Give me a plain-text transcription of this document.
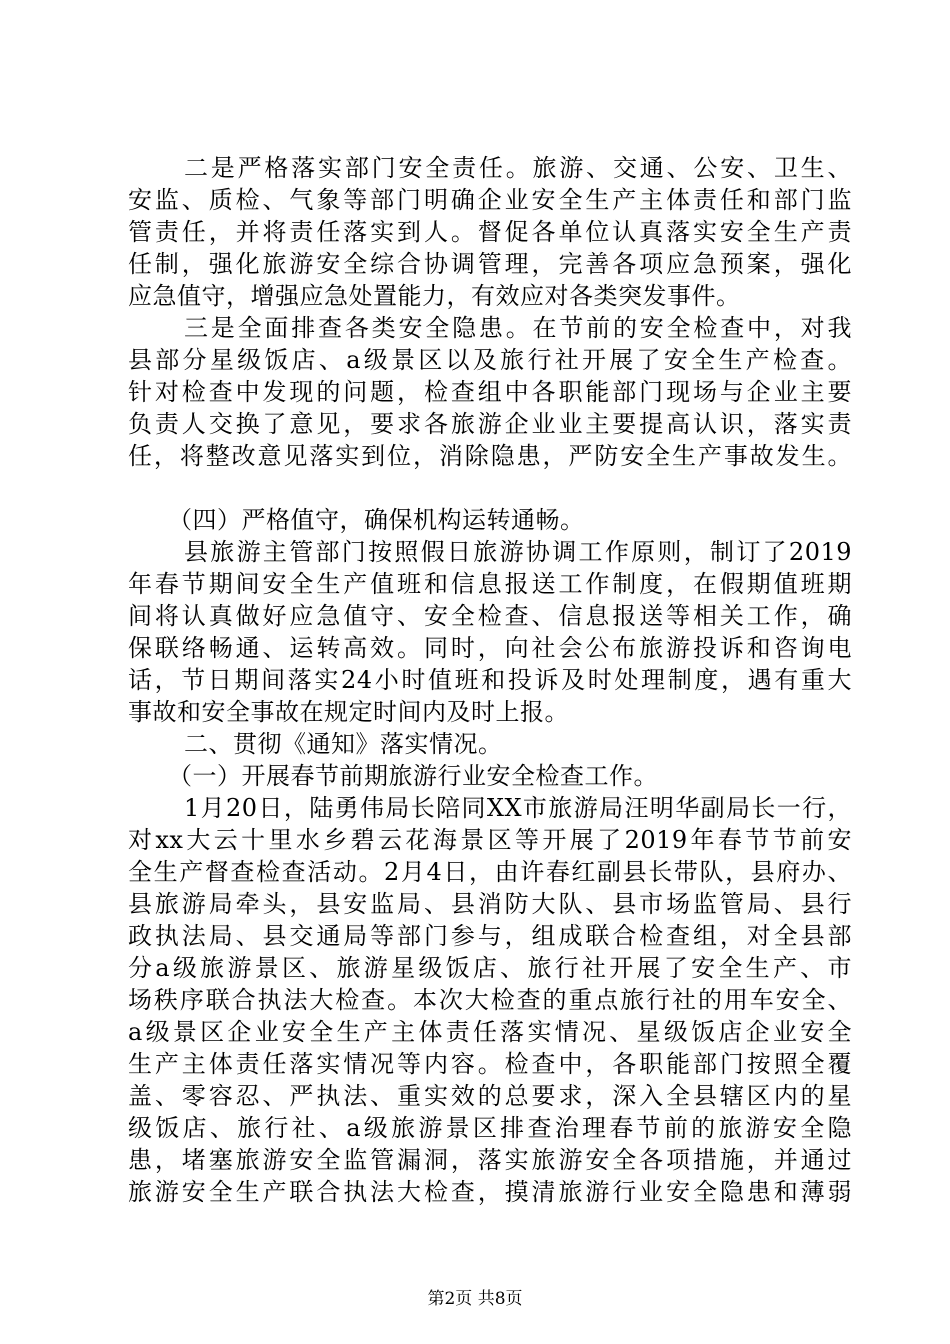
二是严格落实部门安全责任。旅游、交通、公安、卫生、
安监、质检、气象等部门明确企业安全生产主体责任和部门监
管责任，并将责任落实到人。督促各单位认真落实安全生产责
任制，强化旅游安全综合协调管理，完善各项应急预案，强化
应急值守，增强应急处置能力，有效应对各类突发事件。
三是全面排查各类安全隐患。在节前的安全检查中，对我
县部分星级饭店、a级景区以及旅行社开展了安全生产检查。
针对检查中发现的问题，检查组中各职能部门现场与企业主要
负责人交换了意见，要求各旅游企业业主要提高认识，落实责
任，将整改意见落实到位，消除隐患，严防安全生产事故发生。
（四）严格值守，确保机构运转通畅。
县旅游主管部门按照假日旅游协调工作原则，制订了2019
年春节期间安全生产值班和信息报送工作制度，在假期值班期
间将认真做好应急值守、安全检查、信息报送等相关工作，确
保联络畅通、运转高效。同时，向社会公布旅游投诉和咨询电
话，节日期间落实24小时值班和投诉及时处理制度，遇有重大
事故和安全事故在规定时间内及时上报。
二、贯彻《通知》落实情况。
（一）开展春节前期旅游行业安全检查工作。
1月20日，陆勇伟局长陪同XX市旅游局汪明华副局长一行，
对xx大云十里水乡碧云花海景区等开展了2019年春节节前安
全生产督查检查活动。2月4日，由许春红副县长带队，县府办、
县旅游局牵头，县安监局、县消防大队、县市场监管局、县行
政执法局、县交通局等部门参与，组成联合检查组，对全县部
分a级旅游景区、旅游星级饭店、旅行社开展了安全生产、市
场秩序联合执法大检查。本次大检查的重点旅行社的用车安全、
a级景区企业安全生产主体责任落实情况、星级饭店企业安全
生产主体责任落实情况等内容。检查中，各职能部门按照全覆
盖、零容忍、严执法、重实效的总要求，深入全县辖区内的星
级饭店、旅行社、a级旅游景区排查治理春节前的旅游安全隐
患，堵塞旅游安全监管漏洞，落实旅游安全各项措施，并通过
旅游安全生产联合执法大检查，摸清旅游行业安全隐患和薄弱
第2页 共8页
